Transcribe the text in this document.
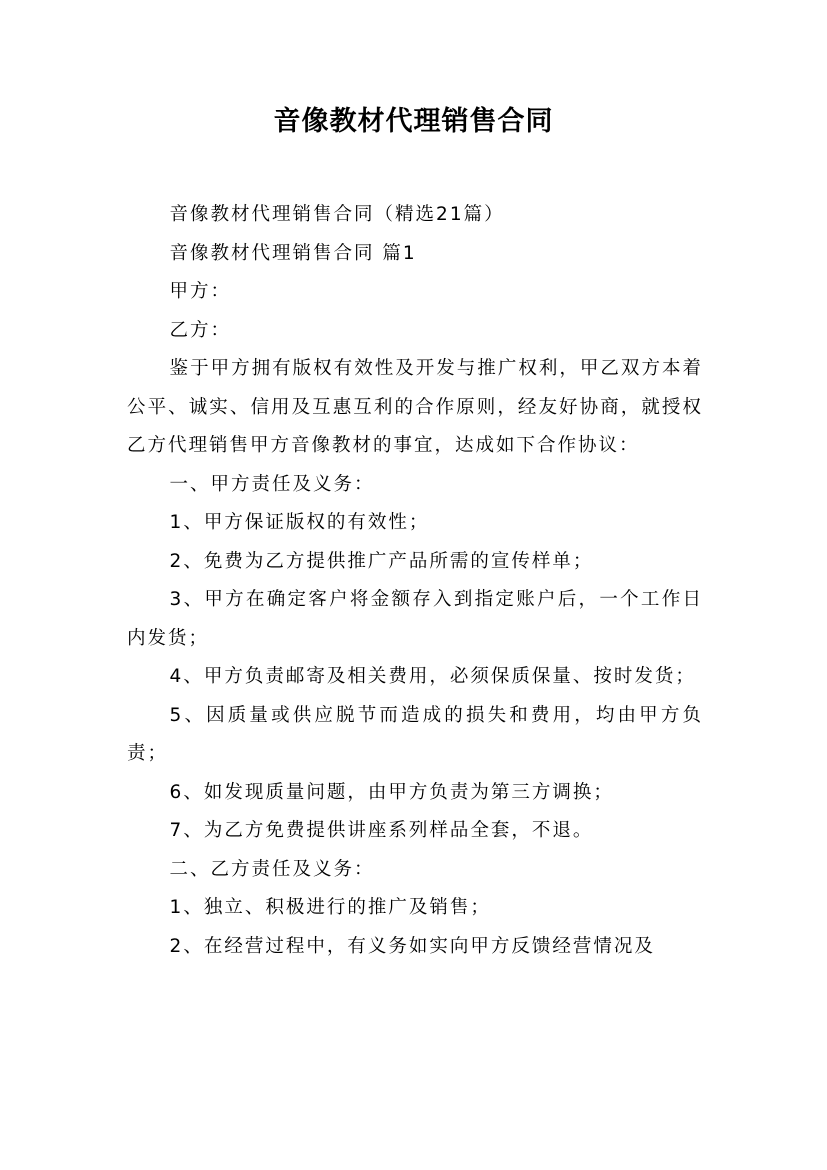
音像教材代理销售合同

音像教材代理销售合同（精选21篇）

音像教材代理销售合同 篇1

甲方：

乙方：

鉴于甲方拥有版权有效性及开发与推广权利，甲乙双方本着公平、诚实、信用及互惠互利的合作原则，经友好协商，就授权乙方代理销售甲方音像教材的事宜，达成如下合作协议：

一、甲方责任及义务：

1、甲方保证版权的有效性；

2、免费为乙方提供推广产品所需的宣传样单；

3、甲方在确定客户将金额存入到指定账户后，一个工作日内发货；

4、甲方负责邮寄及相关费用，必须保质保量、按时发货；

5、因质量或供应脱节而造成的损失和费用，均由甲方负责；

6、如发现质量问题，由甲方负责为第三方调换；

7、为乙方免费提供讲座系列样品全套，不退。

二、乙方责任及义务：

1、独立、积极进行的推广及销售；

2、在经营过程中，有义务如实向甲方反馈经营情况及
